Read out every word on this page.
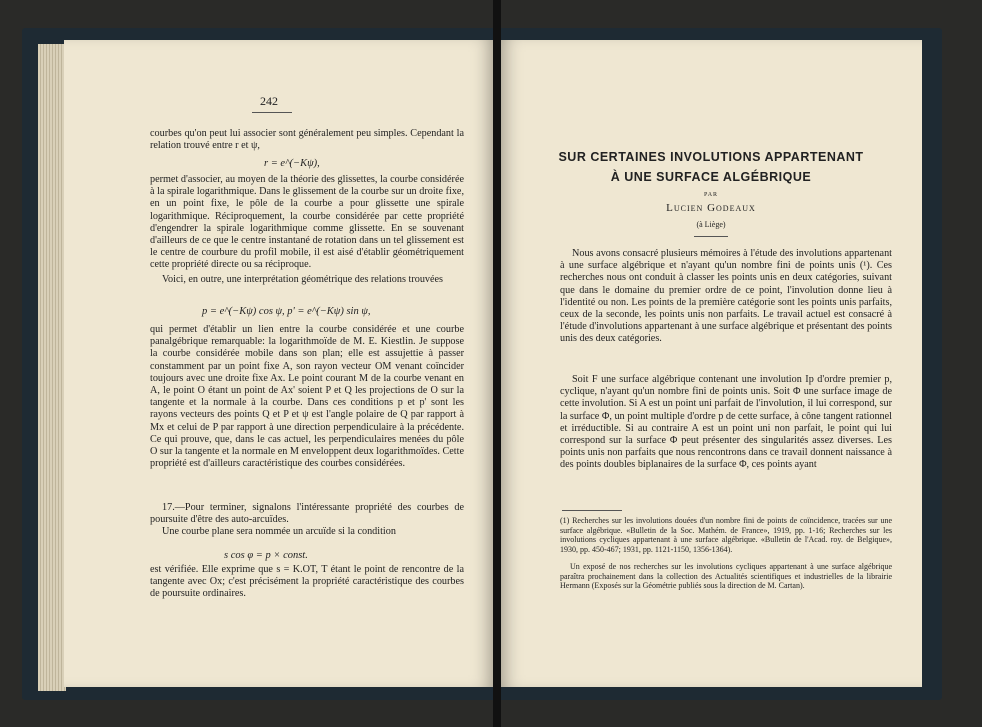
242

courbes qu'on peut lui associer sont généralement peu simples. Cependant la relation trouvé entre r et ψ,

r = e^(−Kψ),

permet d'associer, au moyen de la théorie des glissettes, la courbe considérée à la spirale logarithmique. Dans le glissement de la courbe sur un droite fixe, en un point fixe, le pôle de la courbe a pour glissette une spirale logarithmique. Réciproquement, la courbe considérée par cette propriété d'engendrer la spirale logarithmique comme glissette. En se souvenant d'ailleurs de ce que le centre instantané de rotation dans un tel glissement est le centre de courbure du profil mobile, il est aisé d'établir géométriquement cette propriété directe ou sa réciproque.

Voici, en outre, une interprétation géométrique des relations trouvées

p = e^(−Kψ) cos ψ, p' = e^(−Kψ) sin ψ,

qui permet d'établir un lien entre la courbe considérée et une courbe panalgébrique remarquable: la logarithmoïde de M. E. Kiestlin. Je suppose la courbe considérée mobile dans son plan; elle est assujettie à passer constamment par un point fixe A, son rayon vecteur OM venant coïncider toujours avec une droite fixe Ax. Le point courant M de la courbe venant en A, le point O étant un point de Ax' soient P et Q les projections de O sur la tangente et la normale à la courbe. Dans ces conditions p et p' sont les rayons vecteurs des points Q et P et ψ est l'angle polaire de Q par rapport à Mx et celui de P par rapport à une direction perpendiculaire à la précédente. Ce qui prouve, que, dans le cas actuel, les perpendiculaires menées du pôle O sur la tangente et la normale en M enveloppent deux logarithmoïdes. Cette propriété est d'ailleurs caractéristique des courbes considérées.

17.—Pour terminer, signalons l'intéressante propriété des courbes de poursuite d'être des auto-arcuïdes.

Une courbe plane sera nommée un arcuïde si la condition

s cos φ = p × const.

est vérifiée. Elle exprime que s = K.OT, T étant le point de rencontre de la tangente avec Ox; c'est précisément la propriété caractéristique des courbes de poursuite ordinaires.

SUR CERTAINES INVOLUTIONS APPARTENANT
À UNE SURFACE ALGÉBRIQUE
PAR
Lucien Godeaux
(à Liège)

Nous avons consacré plusieurs mémoires à l'étude des involutions appartenant à une surface algébrique et n'ayant qu'un nombre fini de points unis (¹). Ces recherches nous ont conduit à classer les points unis en deux catégories, suivant que dans le domaine du premier ordre de ce point, l'involution donne lieu à l'identité ou non. Les points de la première catégorie sont les points unis parfaits, ceux de la seconde, les points unis non parfaits. Le travail actuel est consacré à l'étude d'involutions appartenant à une surface algébrique et présentant des points unis des deux catégories.

Soit F une surface algébrique contenant une involution Ip d'ordre premier p, cyclique, n'ayant qu'un nombre fini de points unis. Soit Φ une surface image de cette involution. Si A est un point uni parfait de l'involution, il lui correspond, sur la surface Φ, un point multiple d'ordre p de cette surface, à cône tangent rationnel et irréductible. Si au contraire A est un point uni non parfait, le point qui lui correspond sur la surface Φ peut présenter des singularités assez diverses. Les points unis non parfaits que nous rencontrons dans ce travail donnent naissance à des points doubles biplanaires de la surface Φ, ces points ayant

(1) Recherches sur les involutions douées d'un nombre fini de points de coïncidence, tracées sur une surface algébrique. «Bulletin de la Soc. Mathém. de France», 1919, pp. 1-16; Recherches sur les involutions cycliques appartenant à une surface algébrique. «Bulletin de l'Acad. roy. de Belgique», 1930, pp. 450-467; 1931, pp. 1121-1150, 1356-1364).

Un exposé de nos recherches sur les involutions cycliques appartenant à une surface algébrique paraîtra prochainement dans la collection des Actualités scientifiques et industrielles de la librairie Hermann (Exposés sur la Géométrie publiés sous la direction de M. Cartan).
